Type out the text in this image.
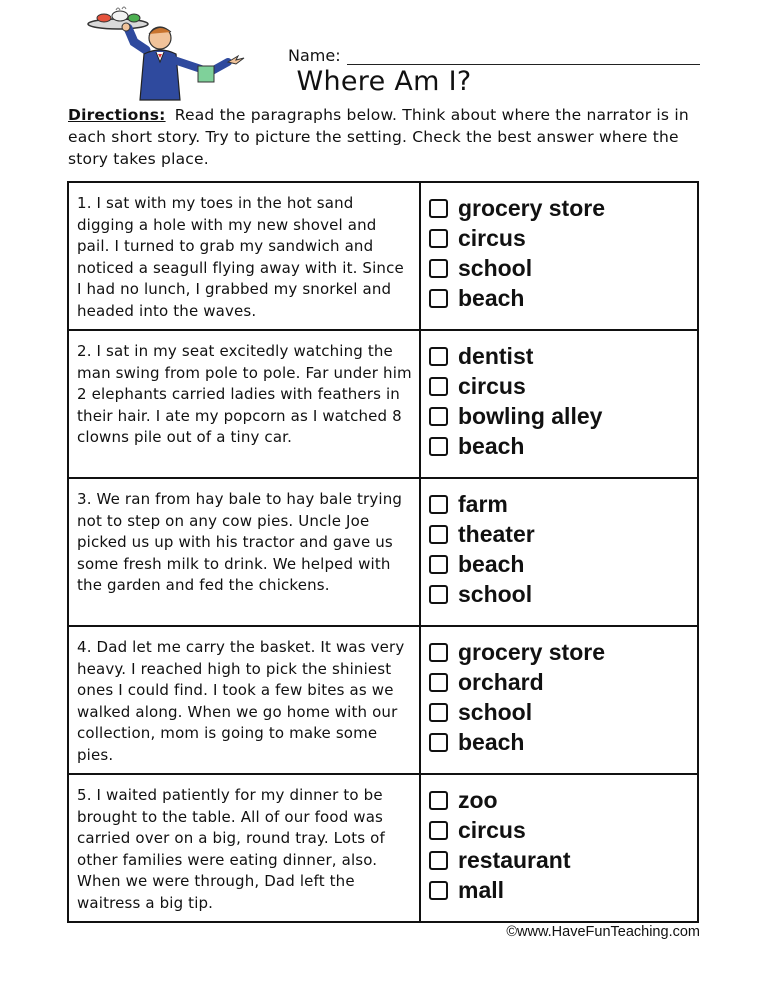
Name:
Where Am I?
Directions: Read the paragraphs below. Think about where the narrator is in each short story. Try to picture the setting. Check the best answer where the story takes place.
1. I sat with my toes in the hot sand digging a hole with my new shovel and pail. I turned to grab my sandwich and noticed a seagull flying away with it. Since I had no lunch, I grabbed my snorkel and headed into the waves.
grocery store
circus
school
beach
2. I sat in my seat excitedly watching the man swing from pole to pole. Far under him 2 elephants carried ladies with feathers in their hair. I ate my popcorn as I watched 8 clowns pile out of a tiny car.
dentist
circus
bowling alley
beach
3. We ran from hay bale to hay bale trying not to step on any cow pies. Uncle Joe picked us up with his tractor and gave us some fresh milk to drink. We helped with the garden and fed the chickens.
farm
theater
beach
school
4. Dad let me carry the basket. It was very heavy. I reached high to pick the shiniest ones I could find. I took a few bites as we walked along. When we go home with our collection, mom is going to make some pies.
grocery store
orchard
school
beach
5. I waited patiently for my dinner to be brought to the table. All of our food was carried over on a big, round tray. Lots of other families were eating dinner, also. When we were through, Dad left the waitress a big tip.
zoo
circus
restaurant
mall
©www.HaveFunTeaching.com
